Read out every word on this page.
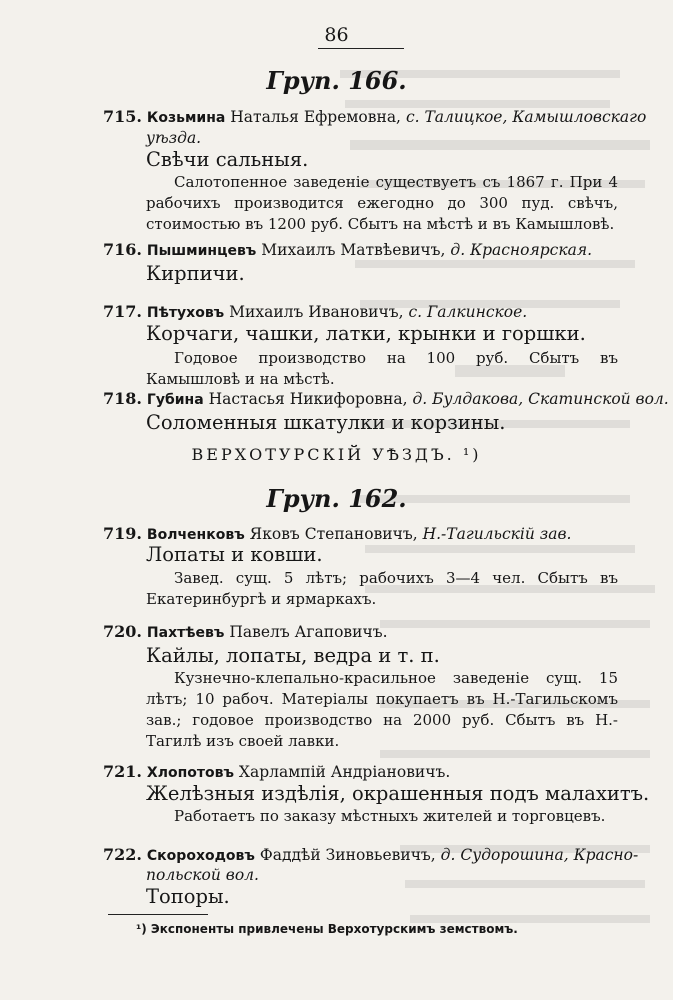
86
Груп. 166.
715. Козьмина Наталья Ефремовна, с. Талицкое, Камышловскаго
уѣзда.
Свѣчи сальныя.
Салотопенное заведеніе существуетъ съ 1867 г. При 4 рабочихъ производится ежегодно до 300 пуд. свѣчъ, стоимостью въ 1200 руб. Сбытъ на мѣстѣ и въ Камышловѣ.
716. Пышминцевъ Михаилъ Матвѣевичъ, д. Красноярская.
Кирпичи.
717. Пѣтуховъ Михаилъ Ивановичъ, с. Галкинское.
Корчаги, чашки, латки, крынки и горшки.
Годовое производство на 100 руб. Сбытъ въ Камышловѣ и на мѣстѣ.
718. Губина Настасья Никифоровна, д. Булдакова, Скатинской вол.
Соломенныя шкатулки и корзины.
ВЕРХОТУРСКІЙ УѢЗДЪ. ¹)
Груп. 162.
719. Волченковъ Яковъ Степановичъ, Н.-Тагильскій зав.
Лопаты и ковши.
Завед. сущ. 5 лѣтъ; рабочихъ 3—4 чел. Сбытъ въ Екатеринбургѣ и ярмаркахъ.
720. Пахтѣевъ Павелъ Агаповичъ.
Кайлы, лопаты, ведра и т. п.
Кузнечно-клепально-красильное заведеніе сущ. 15 лѣтъ; 10 рабоч. Матеріалы покупаетъ въ Н.-Тагильскомъ зав.; годовое производство на 2000 руб. Сбытъ въ Н.-Тагилѣ изъ своей лавки.
721. Хлопотовъ Харлампій Андріановичъ.
Желѣзныя издѣлія, окрашенныя подъ малахитъ.
Работаетъ по заказу мѣстныхъ жителей и торговцевъ.
722. Скороходовъ Фаддѣй Зиновьевичъ, д. Судорошина, Красно-
польской вол.
Топоры.
¹) Экспоненты привлечены Верхотурскимъ земствомъ.
